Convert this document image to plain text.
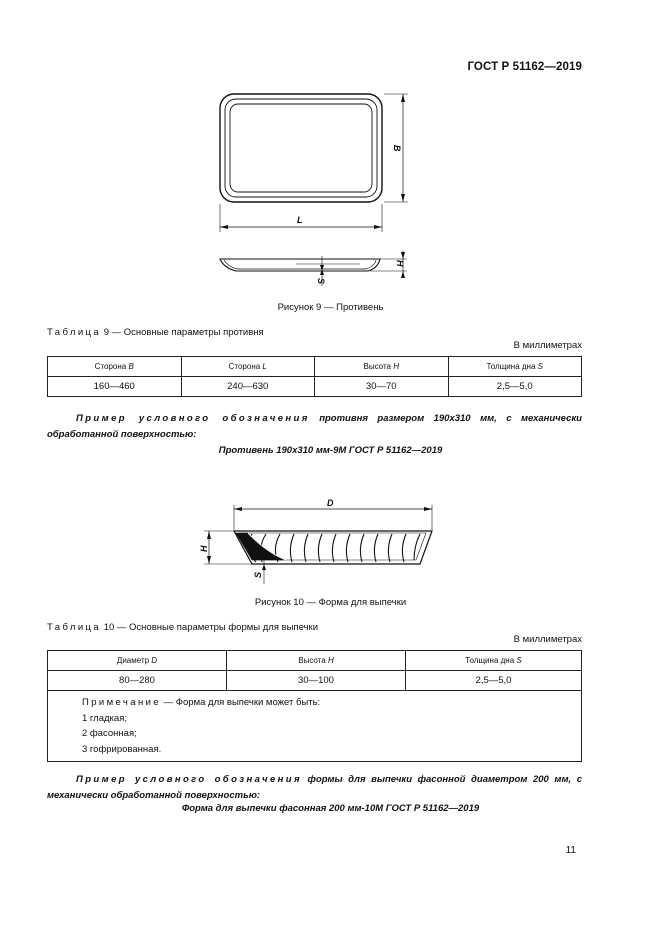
ГОСТ Р 51162—2019
B
L
H
S
Рисунок 9 — Противень
Таблица 9 — Основные параметры противня
В миллиметрах
Сторона B	Сторона L	Высота H	Толщина дна S
160—460	240—630	30—70	2,5—5,0
Пример условного обозначения противня размером 190x310 мм, с механически обработанной поверхностью:
Противень 190x310 мм-9М ГОСТ Р 51162—2019
D
H
S
Рисунок 10 — Форма для выпечки
Таблица 10 — Основные параметры формы для выпечки
В миллиметрах
Диаметр D	Высота H	Толщина дна S
80—280	30—100	2,5—5,0

Примечание — Форма для выпечки может быть:
1 гладкая;
2 фасонная;
3 гофрированная.		
Пример условного обозначения формы для выпечки фасонной диаметром 200 мм, с механически обработанной поверхностью:
Форма для выпечки фасонная 200 мм-10М ГОСТ Р 51162—2019
11
